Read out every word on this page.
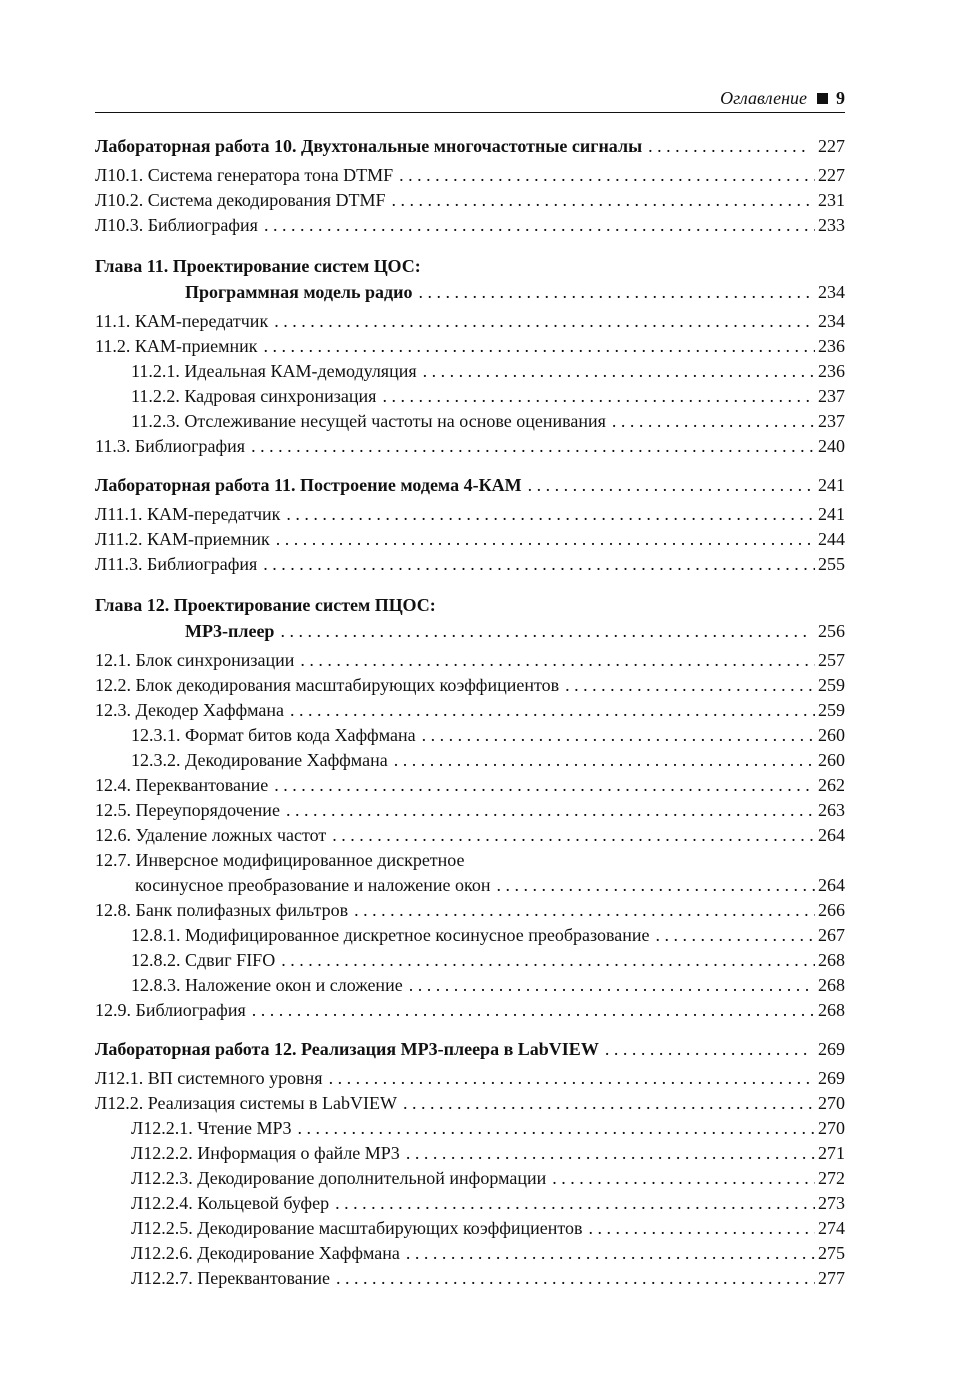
Оглавление 9
Лабораторная работа 10. Двухтональные многочастотные сигналы . . .	227
Л10.1. Система генератора тона DTMF . . .	227
Л10.2. Система декодирования DTMF . . .	231
Л10.3. Библиография . . .	233
Глава 11. Проектирование систем ЦОС:
Программная модель радио . . .	234
11.1. КАМ-передатчик . . .	234
11.2. КАМ-приемник . . .	236
11.2.1. Идеальная КАМ-демодуляция . . .	236
11.2.2. Кадровая синхронизация . . .	237
11.2.3. Отслеживание несущей частоты на основе оценивания . . .	237
11.3. Библиография . . .	240
Лабораторная работа 11. Построение модема 4-КАМ . . .	241
Л11.1. КАМ-передатчик . . .	241
Л11.2. КАМ-приемник . . .	244
Л11.3. Библиография . . .	255
Глава 12. Проектирование систем ПЦОС:
MP3-плеер . . .	256
12.1. Блок синхронизации . . .	257
12.2. Блок декодирования масштабирующих коэффициентов . . .	259
12.3. Декодер Хаффмана . . .	259
12.3.1. Формат битов кода Хаффмана . . .	260
12.3.2. Декодирование Хаффмана . . .	260
12.4. Переквантование . . .	262
12.5. Переупорядочение . . .	263
12.6. Удаление ложных частот . . .	264
12.7. Инверсное модифицированное дискретное
косинусное преобразование и наложение окон . . .	264
12.8. Банк полифазных фильтров . . .	266
12.8.1. Модифицированное дискретное косинусное преобразование . . .	267
12.8.2. Сдвиг FIFO . . .	268
12.8.3. Наложение окон и сложение . . .	268
12.9. Библиография . . .	268
Лабораторная работа 12. Реализация MP3-плеера в LabVIEW . . .	269
Л12.1. ВП системного уровня . . .	269
Л12.2. Реализация системы в LabVIEW . . .	270
Л12.2.1. Чтение MP3 . . .	270
Л12.2.2. Информация о файле MP3 . . .	271
Л12.2.3. Декодирование дополнительной информации . . .	272
Л12.2.4. Кольцевой буфер . . .	273
Л12.2.5. Декодирование масштабирующих коэффициентов . . .	274
Л12.2.6. Декодирование Хаффмана . . .	275
Л12.2.7. Переквантование . . .	277
